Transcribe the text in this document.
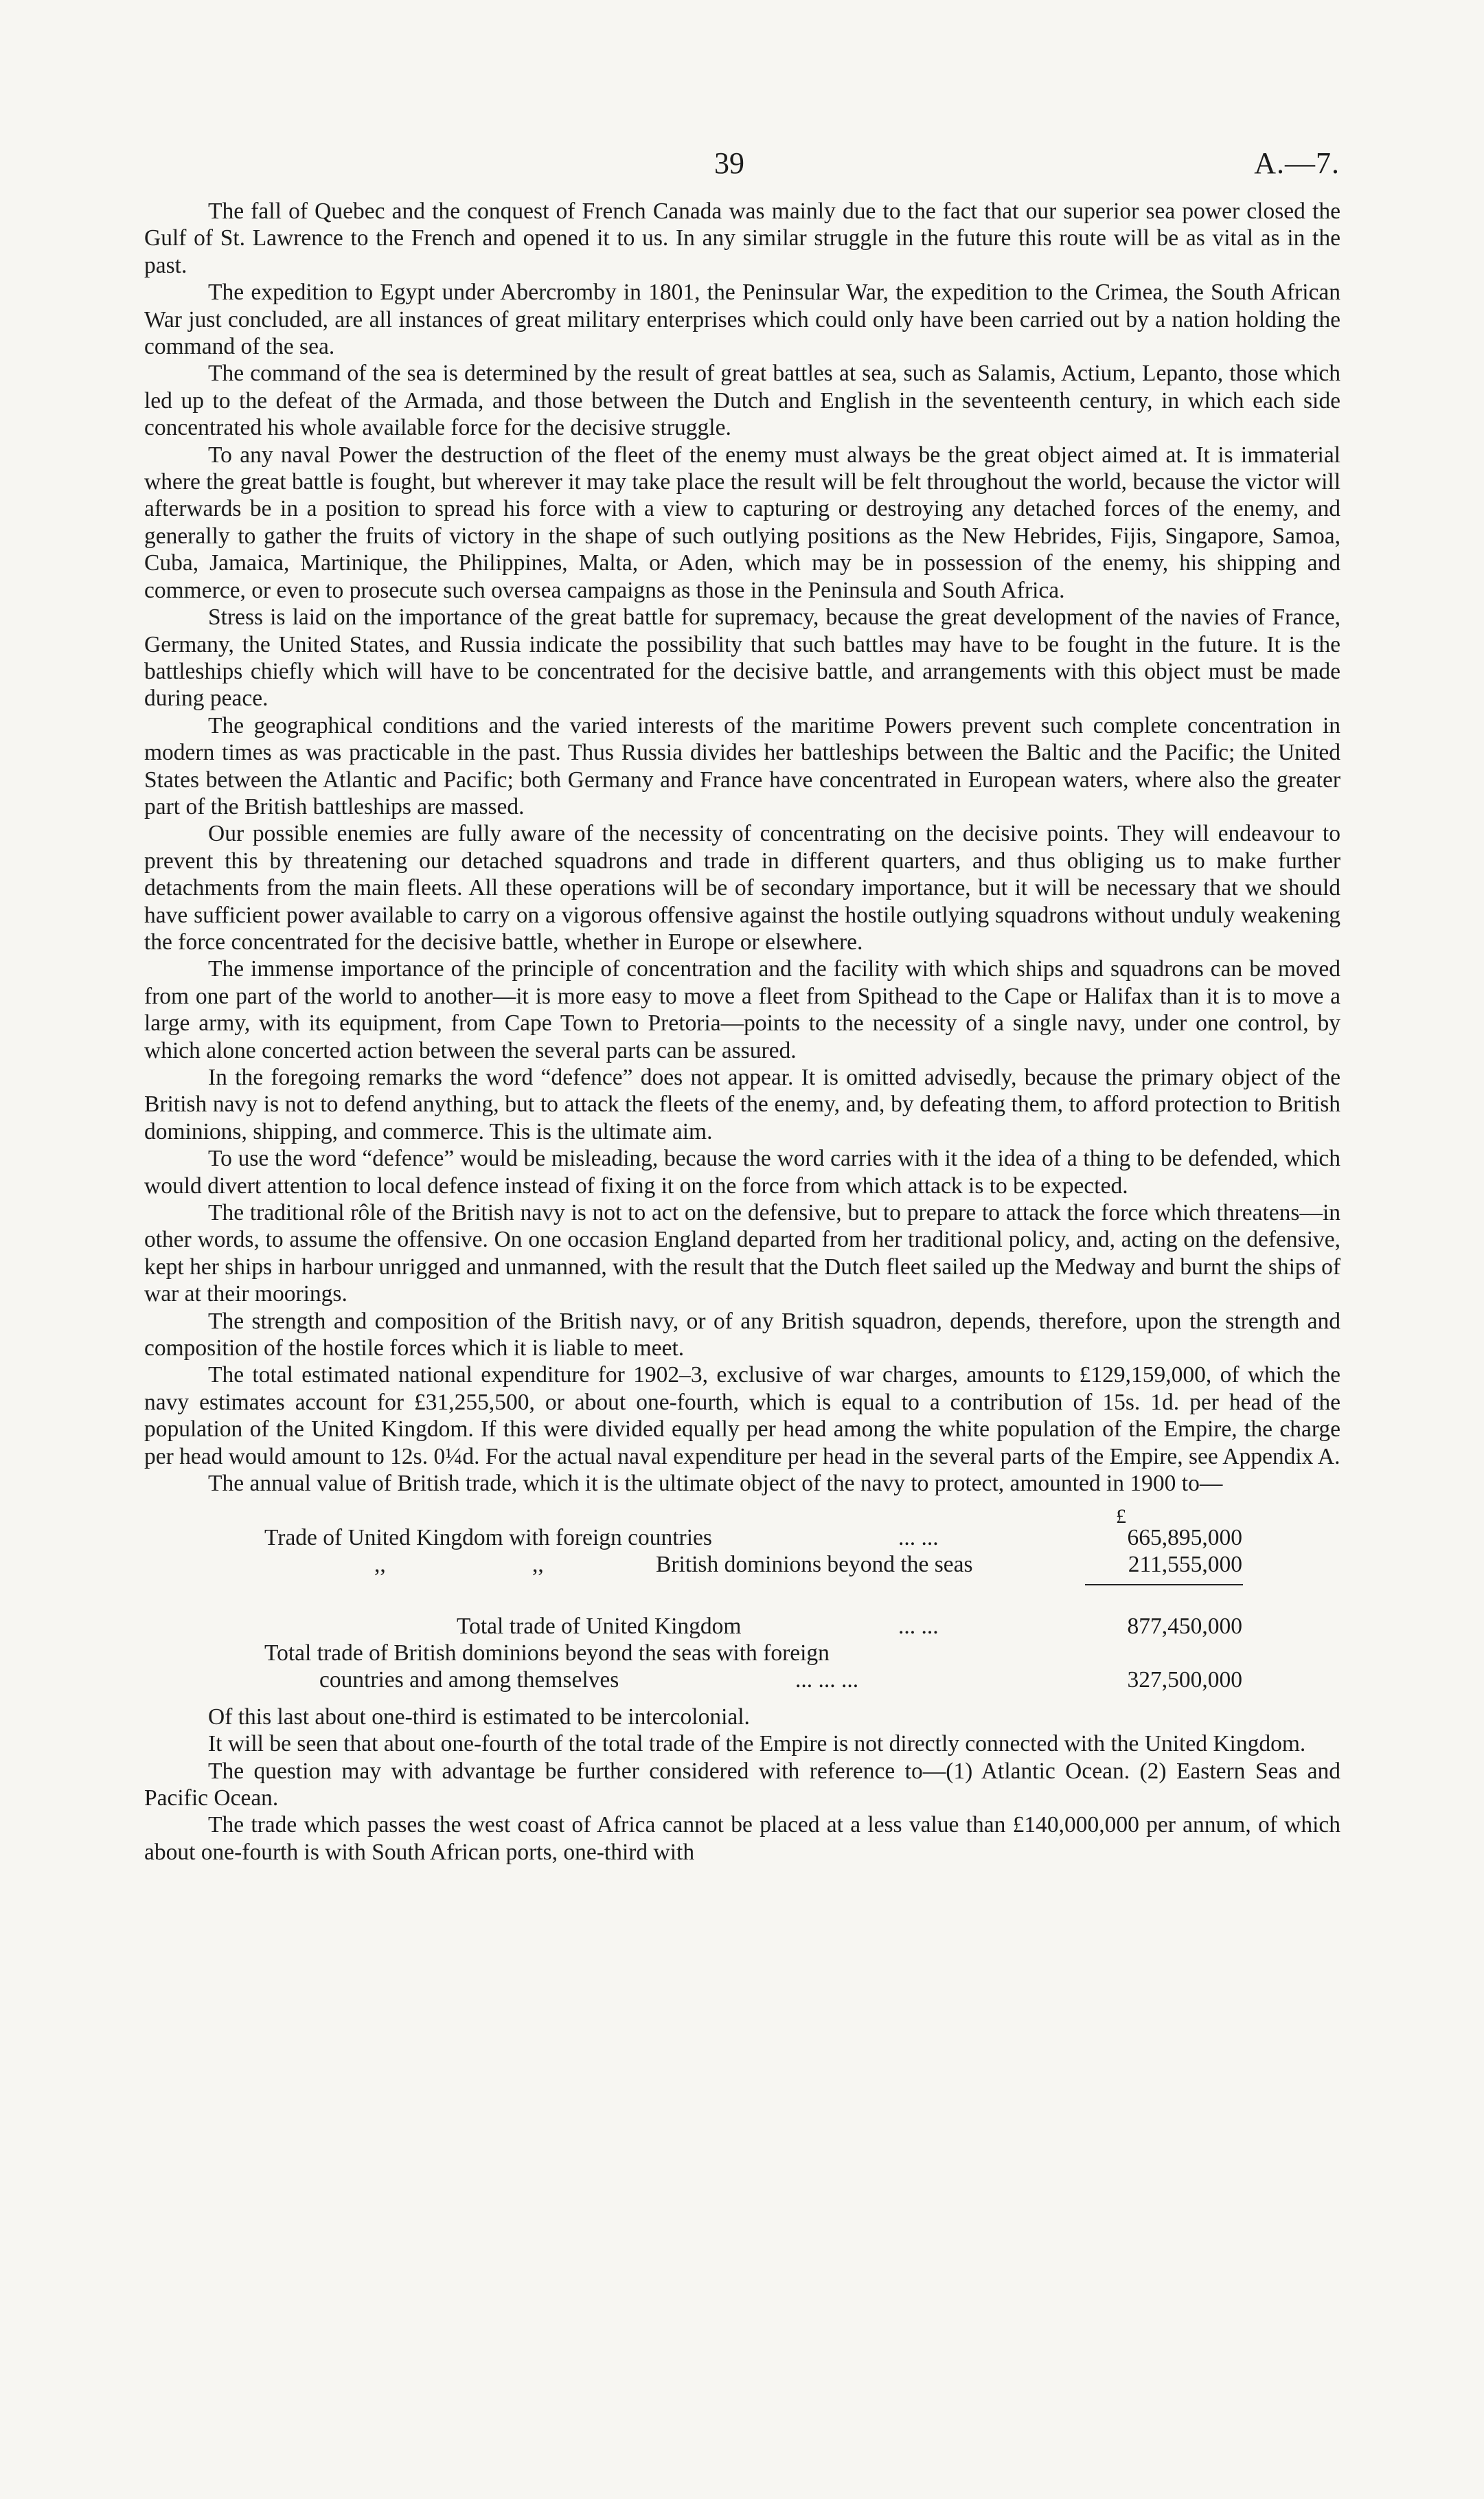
39	A.—7.

The fall of Quebec and the conquest of French Canada was mainly due to the fact that our superior sea power closed the Gulf of St. Lawrence to the French and opened it to us. In any similar struggle in the future this route will be as vital as in the past.

The expedition to Egypt under Abercromby in 1801, the Peninsular War, the expedition to the Crimea, the South African War just concluded, are all instances of great military enterprises which could only have been carried out by a nation holding the command of the sea.

The command of the sea is determined by the result of great battles at sea, such as Salamis, Actium, Lepanto, those which led up to the defeat of the Armada, and those between the Dutch and English in the seventeenth century, in which each side concentrated his whole available force for the decisive struggle.

To any naval Power the destruction of the fleet of the enemy must always be the great object aimed at. It is immaterial where the great battle is fought, but wherever it may take place the result will be felt throughout the world, because the victor will afterwards be in a position to spread his force with a view to capturing or destroying any detached forces of the enemy, and generally to gather the fruits of victory in the shape of such outlying positions as the New Hebrides, Fijis, Singapore, Samoa, Cuba, Jamaica, Martinique, the Philippines, Malta, or Aden, which may be in possession of the enemy, his shipping and commerce, or even to prosecute such oversea campaigns as those in the Peninsula and South Africa.

Stress is laid on the importance of the great battle for supremacy, because the great development of the navies of France, Germany, the United States, and Russia indicate the possibility that such battles may have to be fought in the future. It is the battleships chiefly which will have to be concentrated for the decisive battle, and arrangements with this object must be made during peace.

The geographical conditions and the varied interests of the maritime Powers prevent such complete concentration in modern times as was practicable in the past. Thus Russia divides her battleships between the Baltic and the Pacific; the United States between the Atlantic and Pacific; both Germany and France have concentrated in European waters, where also the greater part of the British battleships are massed.

Our possible enemies are fully aware of the necessity of concentrating on the decisive points. They will endeavour to prevent this by threatening our detached squadrons and trade in different quarters, and thus obliging us to make further detachments from the main fleets. All these operations will be of secondary importance, but it will be necessary that we should have sufficient power available to carry on a vigorous offensive against the hostile outlying squadrons without unduly weakening the force concentrated for the decisive battle, whether in Europe or elsewhere.

The immense importance of the principle of concentration and the facility with which ships and squadrons can be moved from one part of the world to another—it is more easy to move a fleet from Spithead to the Cape or Halifax than it is to move a large army, with its equipment, from Cape Town to Pretoria—points to the necessity of a single navy, under one control, by which alone concerted action between the several parts can be assured.

In the foregoing remarks the word “defence” does not appear. It is omitted advisedly, because the primary object of the British navy is not to defend anything, but to attack the fleets of the enemy, and, by defeating them, to afford protection to British dominions, shipping, and commerce. This is the ultimate aim.

To use the word “defence” would be misleading, because the word carries with it the idea of a thing to be defended, which would divert attention to local defence instead of fixing it on the force from which attack is to be expected.

The traditional rôle of the British navy is not to act on the defensive, but to prepare to attack the force which threatens—in other words, to assume the offensive. On one occasion England departed from her traditional policy, and, acting on the defensive, kept her ships in harbour unrigged and unmanned, with the result that the Dutch fleet sailed up the Medway and burnt the ships of war at their moorings.

The strength and composition of the British navy, or of any British squadron, depends, therefore, upon the strength and composition of the hostile forces which it is liable to meet.

The total estimated national expenditure for 1902–3, exclusive of war charges, amounts to £129,159,000, of which the navy estimates account for £31,255,500, or about one-fourth, which is equal to a contribution of 15s. 1d. per head of the population of the United Kingdom. If this were divided equally per head among the white population of the Empire, the charge per head would amount to 12s. 0¼d. For the actual naval expenditure per head in the several parts of the Empire, see Appendix A.

The annual value of British trade, which it is the ultimate object of the navy to protect, amounted in 1900 to—

£
Trade of United Kingdom with foreign countries	... ...	665,895,000
,,	,,	British dominions beyond the seas	211,555,000
Total trade of United Kingdom	... ...	877,450,000
Total trade of British dominions beyond the seas with foreign
countries and among themselves	... ... ...	327,500,000

Of this last about one-third is estimated to be intercolonial.

It will be seen that about one-fourth of the total trade of the Empire is not directly connected with the United Kingdom.

The question may with advantage be further considered with reference to—(1) Atlantic Ocean. (2) Eastern Seas and Pacific Ocean.

The trade which passes the west coast of Africa cannot be placed at a less value than £140,000,000 per annum, of which about one-fourth is with South African ports, one-third with
